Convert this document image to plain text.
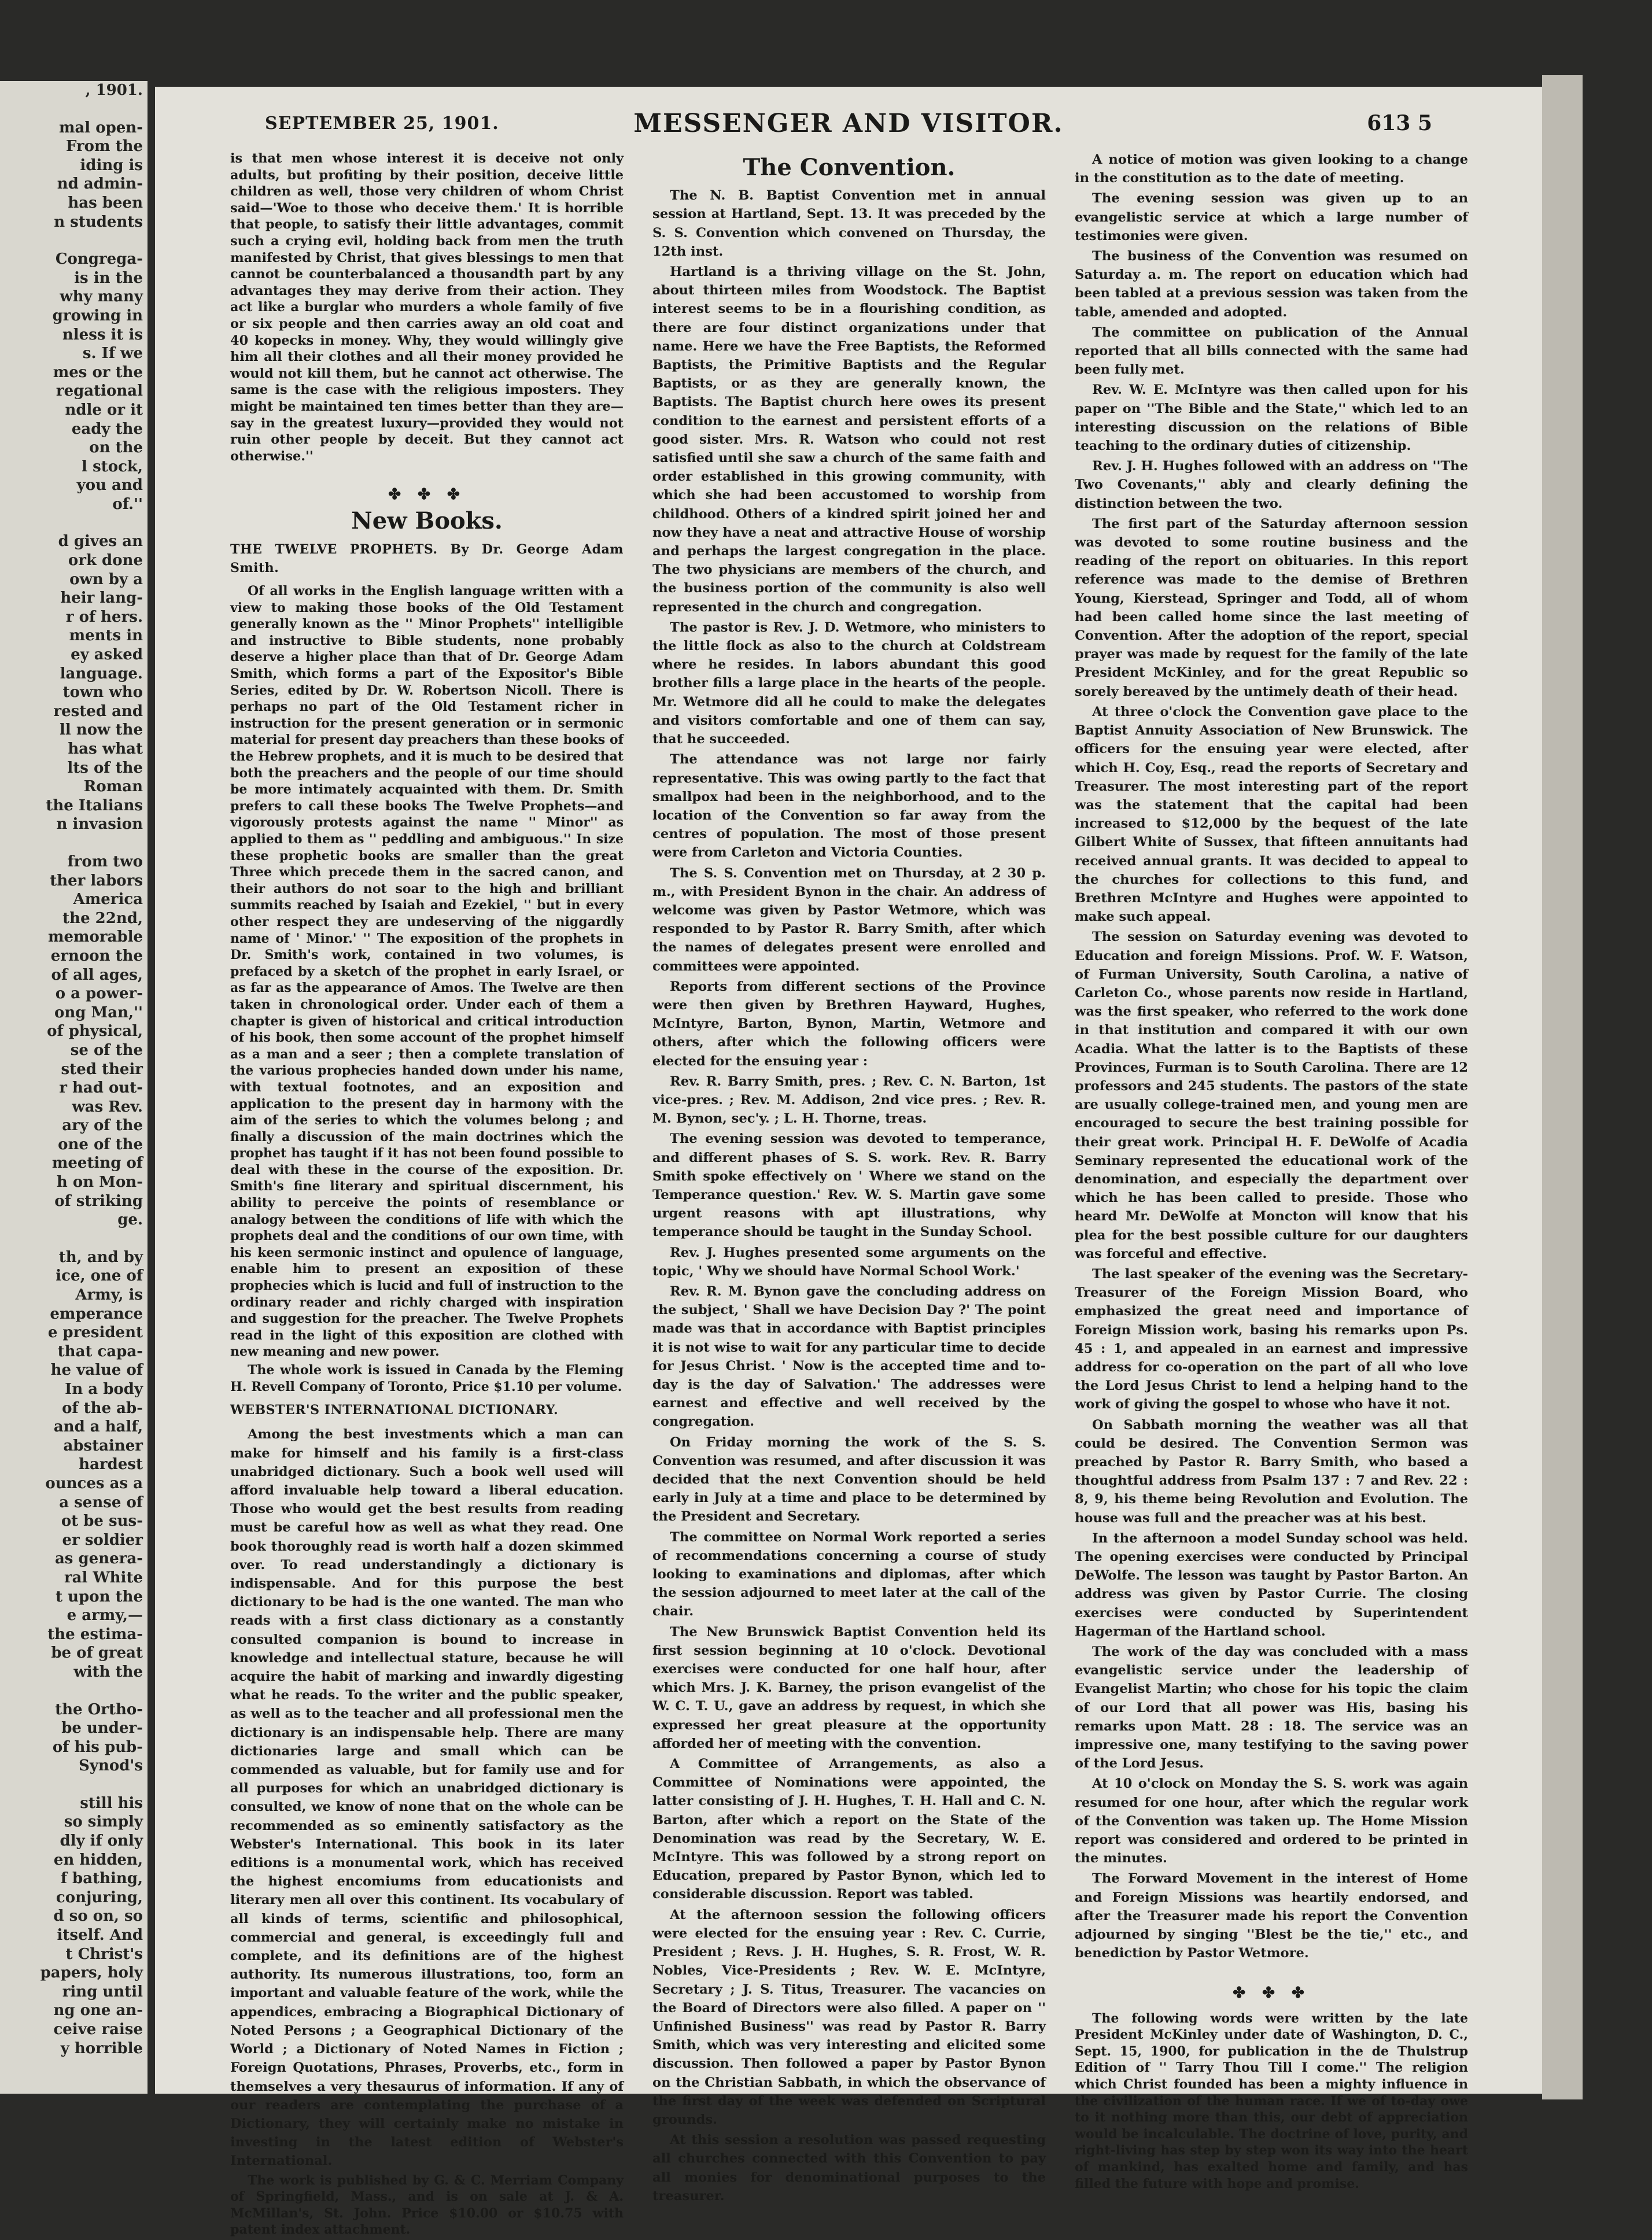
, 1901.
mal open-
From the
iding is
nd admin-
has been
n students
Congrega-
is in the
why many
growing in
nless it is
s. If we
mes or the
regational
ndle or it
eady the
on the
l stock,
you and
of.''
d gives an
ork done
own by a
heir lang-
r of hers.
ments in
ey asked
language.
town who
rested and
ll now the
has what
lts of the
Roman
the Italians
n invasion
from two
ther labors
America
the 22nd,
memorable
ernoon the
of all ages,
o a power-
ong Man,''
of physical,
se of the
sted their
r had out-
was Rev.
ary of the
one of the
meeting of
h on Mon-
of striking
ge.
th, and by
ice, one of
Army, is
emperance
e president
that capa-
he value of
In a body
of the ab-
and a half,
abstainer
hardest
ounces as a
a sense of
ot be sus-
er soldier
as genera-
ral White
t upon the
e army,—
the estima-
be of great
with the
the Ortho-
be under-
of his pub-
Synod's
still his
so simply
dly if only
en hidden,
f bathing,
conjuring,
d so on, so
itself. And
t Christ's
papers, holy
ring until
ng one an-
ceive raise
y horrible
SEPTEMBER 25, 1901.	MESSENGER AND VISITOR.	613 5

is that men whose interest it is deceive not only adults, but profiting by their position, deceive little children as well, those very children of whom Christ said—'Woe to those who deceive them.' It is horrible that people, to satisfy their little advantages, commit such a crying evil, holding back from men the truth manifested by Christ, that gives blessings to men that cannot be counterbalanced a thousandth part by any advantages they may derive from their action. They act like a burglar who murders a whole family of five or six people and then carries away an old coat and 40 kopecks in money. Why, they would willingly give him all their clothes and all their money provided he would not kill them, but he cannot act otherwise. The same is the case with the religious imposters. They might be maintained ten times better than they are—say in the greatest luxury—provided they would not ruin other people by deceit. But they cannot act otherwise.''

✤ ✤ ✤
New Books.
THE TWELVE PROPHETS. By Dr. George Adam Smith.

Of all works in the English language written with a view to making those books of the Old Testament generally known as the '' Minor Prophets'' intelligible and instructive to Bible students, none probably deserve a higher place than that of Dr. George Adam Smith, which forms a part of the Expositor's Bible Series, edited by Dr. W. Robertson Nicoll. There is perhaps no part of the Old Testament richer in instruction for the present generation or in sermonic material for present day preachers than these books of the Hebrew prophets, and it is much to be desired that both the preachers and the people of our time should be more intimately acquainted with them. Dr. Smith prefers to call these books The Twelve Prophets—and vigorously protests against the name '' Minor'' as applied to them as '' peddling and ambiguous.'' In size these prophetic books are smaller than the great Three which precede them in the sacred canon, and their authors do not soar to the high and brilliant summits reached by Isaiah and Ezekiel, '' but in every other respect they are undeserving of the niggardly name of ' Minor.' '' The exposition of the prophets in Dr. Smith's work, contained in two volumes, is prefaced by a sketch of the prophet in early Israel, or as far as the appearance of Amos. The Twelve are then taken in chronological order. Under each of them a chapter is given of historical and critical introduction of his book, then some account of the prophet himself as a man and a seer ; then a complete translation of the various prophecies handed down under his name, with textual footnotes, and an exposition and application to the present day in harmony with the aim of the series to which the volumes belong ; and finally a discussion of the main doctrines which the prophet has taught if it has not been found possible to deal with these in the course of the exposition. Dr. Smith's fine literary and spiritual discernment, his ability to perceive the points of resemblance or analogy between the conditions of life with which the prophets deal and the conditions of our own time, with his keen sermonic instinct and opulence of language, enable him to present an exposition of these prophecies which is lucid and full of instruction to the ordinary reader and richly charged with inspiration and suggestion for the preacher. The Twelve Prophets read in the light of this exposition are clothed with new meaning and new power.

The whole work is issued in Canada by the Fleming H. Revell Company of Toronto, Price $1.10 per volume.

WEBSTER'S INTERNATIONAL DICTIONARY.

Among the best investments which a man can make for himself and his family is a first-class unabridged dictionary. Such a book well used will afford invaluable help toward a liberal education. Those who would get the best results from reading must be careful how as well as what they read. One book thoroughly read is worth half a dozen skimmed over. To read understandingly a dictionary is indispensable. And for this purpose the best dictionary to be had is the one wanted. The man who reads with a first class dictionary as a constantly consulted companion is bound to increase in knowledge and intellectual stature, because he will acquire the habit of marking and inwardly digesting what he reads. To the writer and the public speaker, as well as to the teacher and all professional men the dictionary is an indispensable help. There are many dictionaries large and small which can be commended as valuable, but for family use and for all purposes for which an unabridged dictionary is consulted, we know of none that on the whole can be recommended as so eminently satisfactory as the Webster's International. This book in its later editions is a monumental work, which has received the highest encomiums from educationists and literary men all over this continent. Its vocabulary of all kinds of terms, scientific and philosophical, commercial and general, is exceedingly full and complete, and its definitions are of the highest authority. Its numerous illustrations, too, form an important and valuable feature of the work, while the appendices, embracing a Biographical Dictionary of Noted Persons ; a Geographical Dictionary of the World ; a Dictionary of Noted Names in Fiction ; Foreign Quotations, Phrases, Proverbs, etc., form in themselves a very thesaurus of information. If any of our readers are contemplating the purchase of a Dictionary, they will certainly make no mistake in investing in the latest edition of Webster's International.

The work is published by G. & C. Merriam Company of Springfield, Mass., and is on sale at J. & A. McMillan's, St. John. Price $10.00 or $10.75 with patent index attachment.

The Convention.

The N. B. Baptist Convention met in annual session at Hartland, Sept. 13. It was preceded by the S. S. Convention which convened on Thursday, the 12th inst.

Hartland is a thriving village on the St. John, about thirteen miles from Woodstock. The Baptist interest seems to be in a flourishing condition, as there are four distinct organizations under that name. Here we have the Free Baptists, the Reformed Baptists, the Primitive Baptists and the Regular Baptists, or as they are generally known, the Baptists. The Baptist church here owes its present condition to the earnest and persistent efforts of a good sister. Mrs. R. Watson who could not rest satisfied until she saw a church of the same faith and order established in this growing community, with which she had been accustomed to worship from childhood. Others of a kindred spirit joined her and now they have a neat and attractive House of worship and perhaps the largest congregation in the place. The two physicians are members of the church, and the business portion of the community is also well represented in the church and congregation.

The pastor is Rev. J. D. Wetmore, who ministers to the little flock as also to the church at Coldstream where he resides. In labors abundant this good brother fills a large place in the hearts of the people. Mr. Wetmore did all he could to make the delegates and visitors comfortable and one of them can say, that he succeeded.

The attendance was not large nor fairly representative. This was owing partly to the fact that smallpox had been in the neighborhood, and to the location of the Convention so far away from the centres of population. The most of those present were from Carleton and Victoria Counties.

The S. S. Convention met on Thursday, at 2 30 p. m., with President Bynon in the chair. An address of welcome was given by Pastor Wetmore, which was responded to by Pastor R. Barry Smith, after which the names of delegates present were enrolled and committees were appointed.

Reports from different sections of the Province were then given by Brethren Hayward, Hughes, McIntyre, Barton, Bynon, Martin, Wetmore and others, after which the following officers were elected for the ensuing year :

Rev. R. Barry Smith, pres. ; Rev. C. N. Barton, 1st vice-pres. ; Rev. M. Addison, 2nd vice pres. ; Rev. R. M. Bynon, sec'y. ; L. H. Thorne, treas.

The evening session was devoted to temperance, and different phases of S. S. work. Rev. R. Barry Smith spoke effectively on ' Where we stand on the Temperance question.' Rev. W. S. Martin gave some urgent reasons with apt illustrations, why temperance should be taught in the Sunday School.

Rev. J. Hughes presented some arguments on the topic, ' Why we should have Normal School Work.'

Rev. R. M. Bynon gave the concluding address on the subject, ' Shall we have Decision Day ?' The point made was that in accordance with Baptist principles it is not wise to wait for any particular time to decide for Jesus Christ. ' Now is the accepted time and to-day is the day of Salvation.' The addresses were earnest and effective and well received by the congregation.

On Friday morning the work of the S. S. Convention was resumed, and after discussion it was decided that the next Convention should be held early in July at a time and place to be determined by the President and Secretary.

The committee on Normal Work reported a series of recommendations concerning a course of study looking to examinations and diplomas, after which the session adjourned to meet later at the call of the chair.

The New Brunswick Baptist Convention held its first session beginning at 10 o'clock. Devotional exercises were conducted for one half hour, after which Mrs. J. K. Barney, the prison evangelist of the W. C. T. U., gave an address by request, in which she expressed her great pleasure at the opportunity afforded her of meeting with the convention.

A Committee of Arrangements, as also a Committee of Nominations were appointed, the latter consisting of J. H. Hughes, T. H. Hall and C. N. Barton, after which a report on the State of the Denomination was read by the Secretary, W. E. McIntyre. This was followed by a strong report on Education, prepared by Pastor Bynon, which led to considerable discussion. Report was tabled.

At the afternoon session the following officers were elected for the ensuing year : Rev. C. Currie, President ; Revs. J. H. Hughes, S. R. Frost, W. R. Nobles, Vice-Presidents ; Rev. W. E. McIntyre, Secretary ; J. S. Titus, Treasurer. The vacancies on the Board of Directors were also filled. A paper on '' Unfinished Business'' was read by Pastor R. Barry Smith, which was very interesting and elicited some discussion. Then followed a paper by Pastor Bynon on the Christian Sabbath, in which the observance of the first day of the week was defended on Scriptural grounds.

At this session a resolution was passed requesting all churches connected with this Convention to pay all monies for denominational purposes to the treasurer.

A notice of motion was given looking to a change in the constitution as to the date of meeting.

The evening session was given up to an evangelistic service at which a large number of testimonies were given.

The business of the Convention was resumed on Saturday a. m. The report on education which had been tabled at a previous session was taken from the table, amended and adopted.

The committee on publication of the Annual reported that all bills connected with the same had been fully met.

Rev. W. E. McIntyre was then called upon for his paper on ''The Bible and the State,'' which led to an interesting discussion on the relations of Bible teaching to the ordinary duties of citizenship.

Rev. J. H. Hughes followed with an address on ''The Two Covenants,'' ably and clearly defining the distinction between the two.

The first part of the Saturday afternoon session was devoted to some routine business and the reading of the report on obituaries. In this report reference was made to the demise of Brethren Young, Kierstead, Springer and Todd, all of whom had been called home since the last meeting of Convention. After the adoption of the report, special prayer was made by request for the family of the late President McKinley, and for the great Republic so sorely bereaved by the untimely death of their head.

At three o'clock the Convention gave place to the Baptist Annuity Association of New Brunswick. The officers for the ensuing year were elected, after which H. Coy, Esq., read the reports of Secretary and Treasurer. The most interesting part of the report was the statement that the capital had been increased to $12,000 by the bequest of the late Gilbert White of Sussex, that fifteen annuitants had received annual grants. It was decided to appeal to the churches for collections to this fund, and Brethren McIntyre and Hughes were appointed to make such appeal.

The session on Saturday evening was devoted to Education and foreign Missions. Prof. W. F. Watson, of Furman University, South Carolina, a native of Carleton Co., whose parents now reside in Hartland, was the first speaker, who referred to the work done in that institution and compared it with our own Acadia. What the latter is to the Baptists of these Provinces, Furman is to South Carolina. There are 12 professors and 245 students. The pastors of the state are usually college-trained men, and young men are encouraged to secure the best training possible for their great work. Principal H. F. DeWolfe of Acadia Seminary represented the educational work of the denomination, and especially the department over which he has been called to preside. Those who heard Mr. DeWolfe at Moncton will know that his plea for the best possible culture for our daughters was forceful and effective.

The last speaker of the evening was the Secretary-Treasurer of the Foreign Mission Board, who emphasized the great need and importance of Foreign Mission work, basing his remarks upon Ps. 45 : 1, and appealed in an earnest and impressive address for co-operation on the part of all who love the Lord Jesus Christ to lend a helping hand to the work of giving the gospel to whose who have it not.

On Sabbath morning the weather was all that could be desired. The Convention Sermon was preached by Pastor R. Barry Smith, who based a thoughtful address from Psalm 137 : 7 and Rev. 22 : 8, 9, his theme being Revolution and Evolution. The house was full and the preacher was at his best.

In the afternoon a model Sunday school was held. The opening exercises were conducted by Principal DeWolfe. The lesson was taught by Pastor Barton. An address was given by Pastor Currie. The closing exercises were conducted by Superintendent Hagerman of the Hartland school.

The work of the day was concluded with a mass evangelistic service under the leadership of Evangelist Martin; who chose for his topic the claim of our Lord that all power was His, basing his remarks upon Matt. 28 : 18. The service was an impressive one, many testifying to the saving power of the Lord Jesus.

At 10 o'clock on Monday the S. S. work was again resumed for one hour, after which the regular work of the Convention was taken up. The Home Mission report was considered and ordered to be printed in the minutes.

The Forward Movement in the interest of Home and Foreign Missions was heartily endorsed, and after the Treasurer made his report the Convention adjourned by singing ''Blest be the tie,'' etc., and benediction by Pastor Wetmore.

✤ ✤ ✤

The following words were written by the late President McKinley under date of Washington, D. C., Sept. 15, 1900, for publication in the de Thulstrup Edition of '' Tarry Thou Till I come.'' The religion which Christ founded has been a mighty influence in the civilization of the human race. If we of to-day owe to it nothing more than this, our debt of appreciation would be incalculable. The doctrine of love, purity, and right-living has step by step won its way into the heart of mankind, has exalted home and family, and has filled the future with hope and promise.
